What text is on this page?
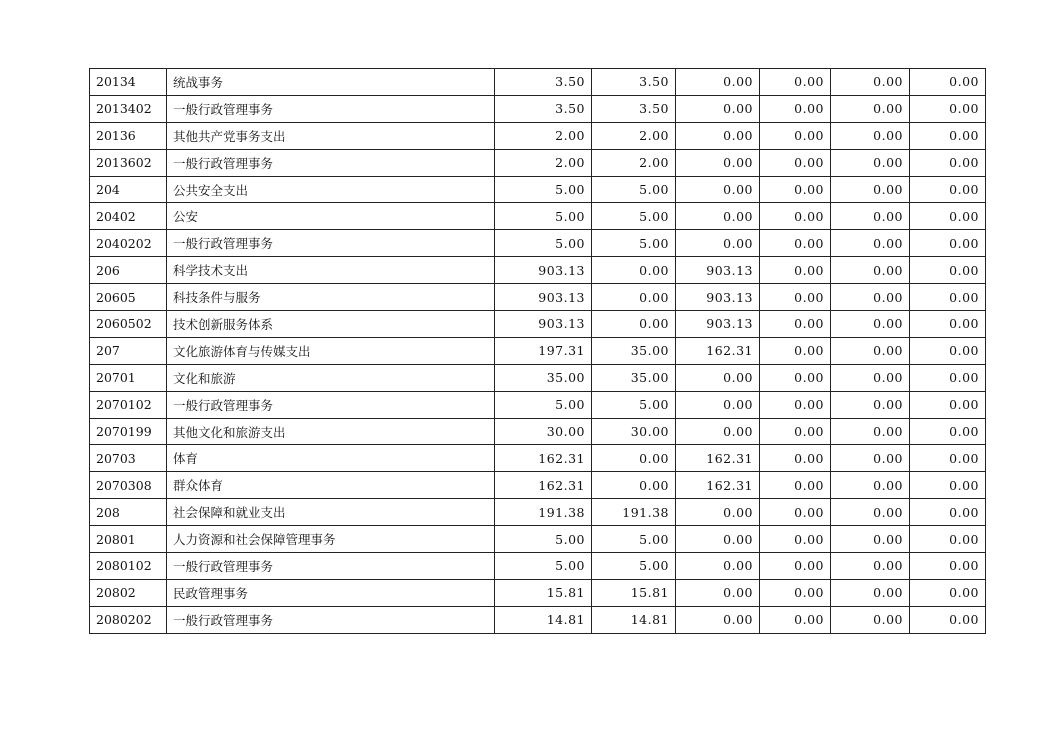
20134	统战事务	3.50	3.50	0.00	0.00	0.00	0.00
2013402	一般行政管理事务	3.50	3.50	0.00	0.00	0.00	0.00
20136	其他共产党事务支出	2.00	2.00	0.00	0.00	0.00	0.00
2013602	一般行政管理事务	2.00	2.00	0.00	0.00	0.00	0.00
204	公共安全支出	5.00	5.00	0.00	0.00	0.00	0.00
20402	公安	5.00	5.00	0.00	0.00	0.00	0.00
2040202	一般行政管理事务	5.00	5.00	0.00	0.00	0.00	0.00
206	科学技术支出	903.13	0.00	903.13	0.00	0.00	0.00
20605	科技条件与服务	903.13	0.00	903.13	0.00	0.00	0.00
2060502	技术创新服务体系	903.13	0.00	903.13	0.00	0.00	0.00
207	文化旅游体育与传媒支出	197.31	35.00	162.31	0.00	0.00	0.00
20701	文化和旅游	35.00	35.00	0.00	0.00	0.00	0.00
2070102	一般行政管理事务	5.00	5.00	0.00	0.00	0.00	0.00
2070199	其他文化和旅游支出	30.00	30.00	0.00	0.00	0.00	0.00
20703	体育	162.31	0.00	162.31	0.00	0.00	0.00
2070308	群众体育	162.31	0.00	162.31	0.00	0.00	0.00
208	社会保障和就业支出	191.38	191.38	0.00	0.00	0.00	0.00
20801	人力资源和社会保障管理事务	5.00	5.00	0.00	0.00	0.00	0.00
2080102	一般行政管理事务	5.00	5.00	0.00	0.00	0.00	0.00
20802	民政管理事务	15.81	15.81	0.00	0.00	0.00	0.00
2080202	一般行政管理事务	14.81	14.81	0.00	0.00	0.00	0.00
